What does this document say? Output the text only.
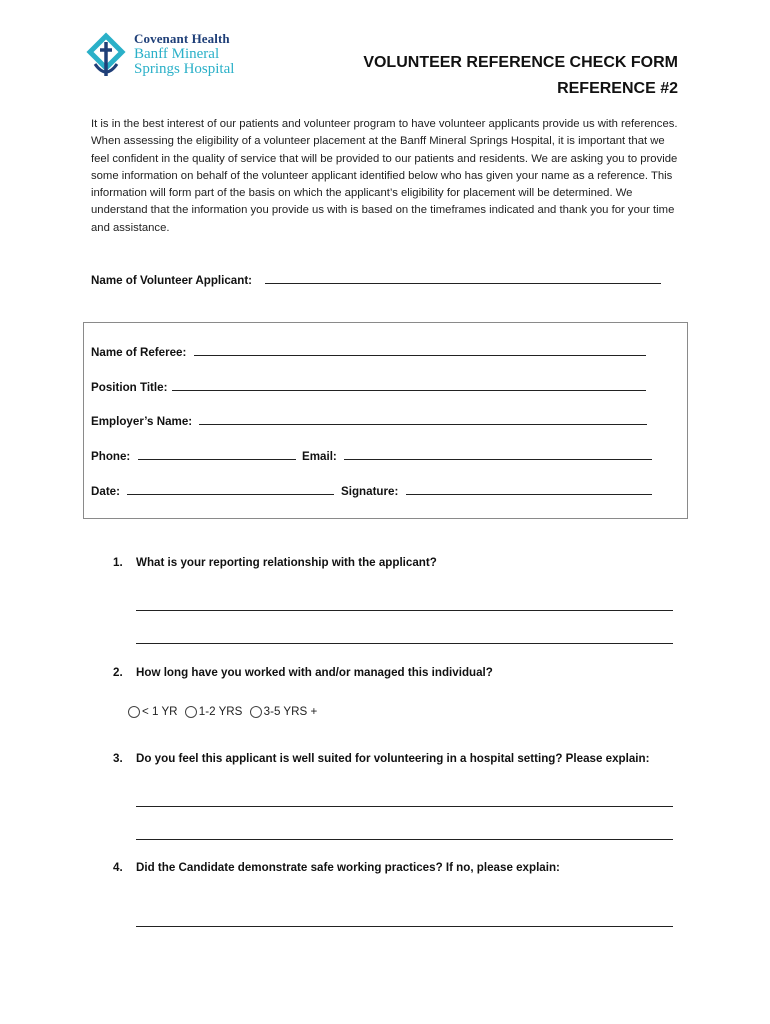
Covenant Health
Banff Mineral
Springs Hospital	VOLUNTEER REFERENCE CHECK FORM
REFERENCE #2

It is in the best interest of our patients and volunteer program to have volunteer applicants provide us with references. When assessing the eligibility of a volunteer placement at the Banff Mineral Springs Hospital, it is important that we feel confident in the quality of service that will be provided to our patients and residents. We are asking you to provide some information on behalf of the volunteer applicant identified below who has given your name as a reference. This information will form part of the basis on which the applicant’s eligibility for placement will be determined. We understand that the information you provide us with is based on the timeframes indicated and thank you for your time and assistance.

Name of Volunteer Applicant:
Name of Referee:
Position Title:
Employer’s Name:
Phone:	Email:
Date:	Signature:
1. What is your reporting relationship with the applicant?
2. How long have you worked with and/or managed this individual?
< 1 YR
1-2 YRS
3-5 YRS +
3. Do you feel this applicant is well suited for volunteering in a hospital setting? Please explain:
4. Did the Candidate demonstrate safe working practices? If no, please explain:
